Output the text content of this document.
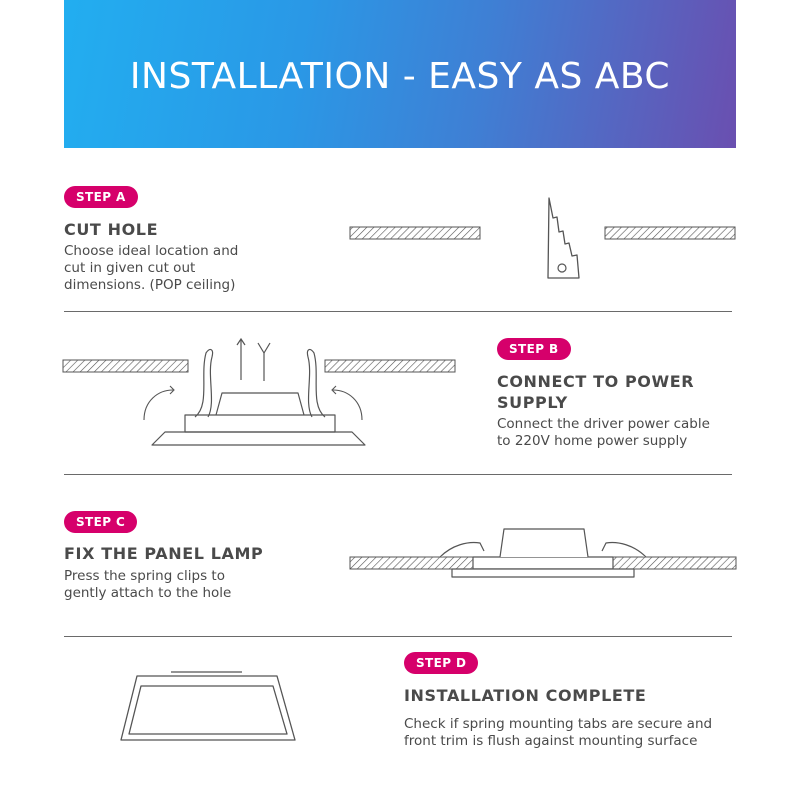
INSTALLATION - EASY AS ABC
STEP A
CUT HOLE
Choose ideal location and
cut in given cut out
dimensions. (POP ceiling)
STEP B
CONNECT TO POWER
SUPPLY
Connect the driver power cable
to 220V home power supply
STEP C
FIX THE PANEL LAMP
Press the spring clips to
gently attach to the hole
STEP D
INSTALLATION COMPLETE
Check if spring mounting tabs are secure and
front trim is flush against mounting surface
